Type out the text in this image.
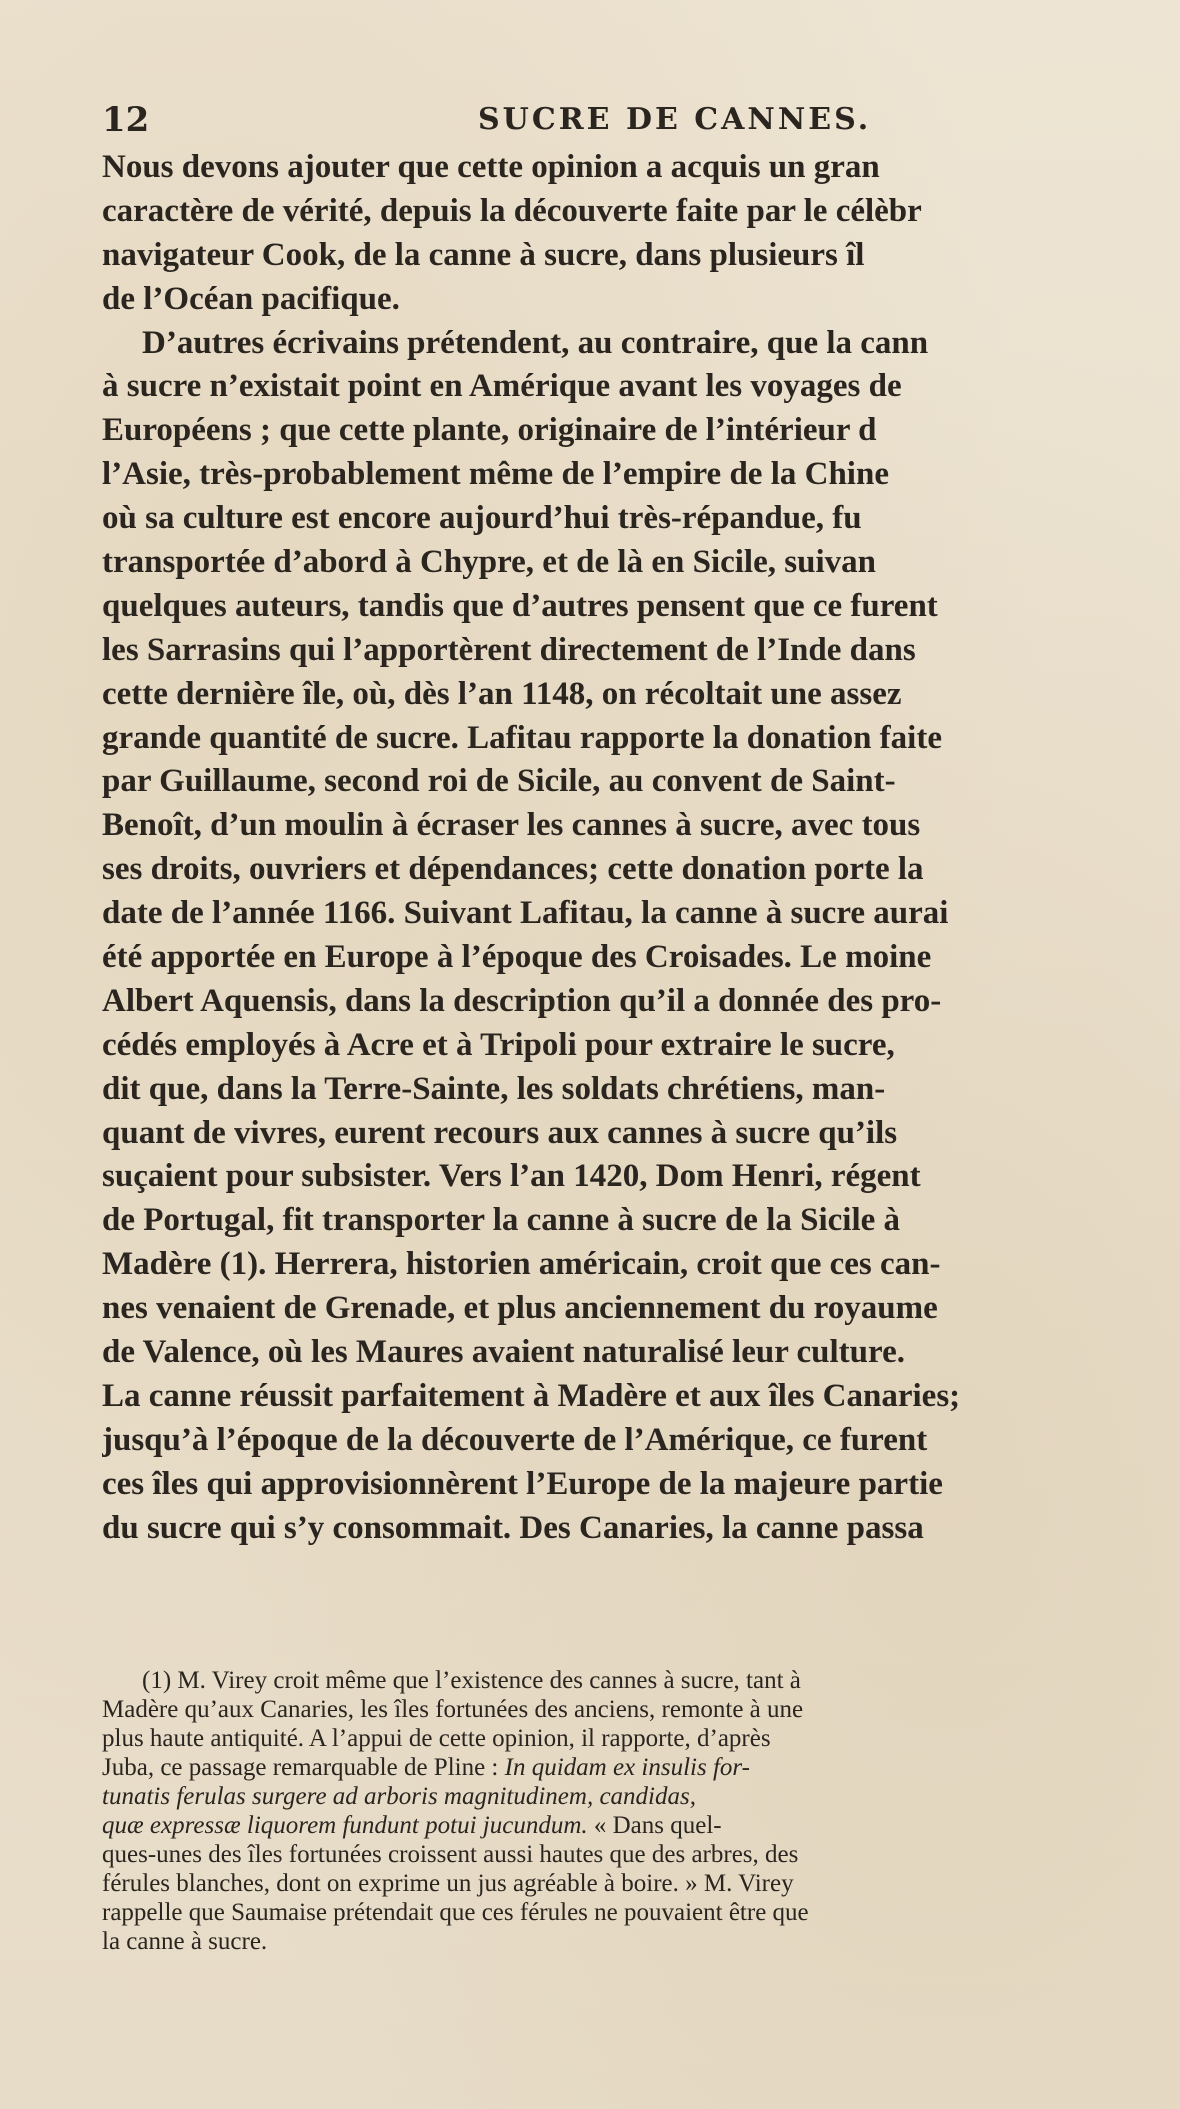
12	SUCRE DE CANNES.
Nous devons ajouter que cette opinion a acquis un gran
caractère de vérité, depuis la découverte faite par le célèbr
navigateur Cook, de la canne à sucre, dans plusieurs îl
de l’Océan pacifique.
D’autres écrivains prétendent, au contraire, que la cann
à sucre n’existait point en Amérique avant les voyages de
Européens ; que cette plante, originaire de l’intérieur d
l’Asie, très-probablement même de l’empire de la Chine
où sa culture est encore aujourd’hui très-répandue, fu
transportée d’abord à Chypre, et de là en Sicile, suivan
quelques auteurs, tandis que d’autres pensent que ce furent
les Sarrasins qui l’apportèrent directement de l’Inde dans
cette dernière île, où, dès l’an 1148, on récoltait une assez
grande quantité de sucre. Lafitau rapporte la donation faite
par Guillaume, second roi de Sicile, au convent de Saint-
Benoît, d’un moulin à écraser les cannes à sucre, avec tous
ses droits, ouvriers et dépendances; cette donation porte la
date de l’année 1166. Suivant Lafitau, la canne à sucre aurai
été apportée en Europe à l’époque des Croisades. Le moine
Albert Aquensis, dans la description qu’il a donnée des pro-
cédés employés à Acre et à Tripoli pour extraire le sucre,
dit que, dans la Terre-Sainte, les soldats chrétiens, man-
quant de vivres, eurent recours aux cannes à sucre qu’ils
suçaient pour subsister. Vers l’an 1420, Dom Henri, régent
de Portugal, fit transporter la canne à sucre de la Sicile à
Madère (1). Herrera, historien américain, croit que ces can-
nes venaient de Grenade, et plus anciennement du royaume
de Valence, où les Maures avaient naturalisé leur culture.
La canne réussit parfaitement à Madère et aux îles Canaries;
jusqu’à l’époque de la découverte de l’Amérique, ce furent
ces îles qui approvisionnèrent l’Europe de la majeure partie
du sucre qui s’y consommait. Des Canaries, la canne passa
(1) M. Virey croit même que l’existence des cannes à sucre, tant à
Madère qu’aux Canaries, les îles fortunées des anciens, remonte à une
plus haute antiquité. A l’appui de cette opinion, il rapporte, d’après
Juba, ce passage remarquable de Pline : In quidam ex insulis for-
tunatis ferulas surgere ad arboris magnitudinem, candidas,
quæ expressæ liquorem fundunt potui jucundum. « Dans quel-
ques-unes des îles fortunées croissent aussi hautes que des arbres, des
férules blanches, dont on exprime un jus agréable à boire. » M. Virey
rappelle que Saumaise prétendait que ces férules ne pouvaient être que
la canne à sucre.
